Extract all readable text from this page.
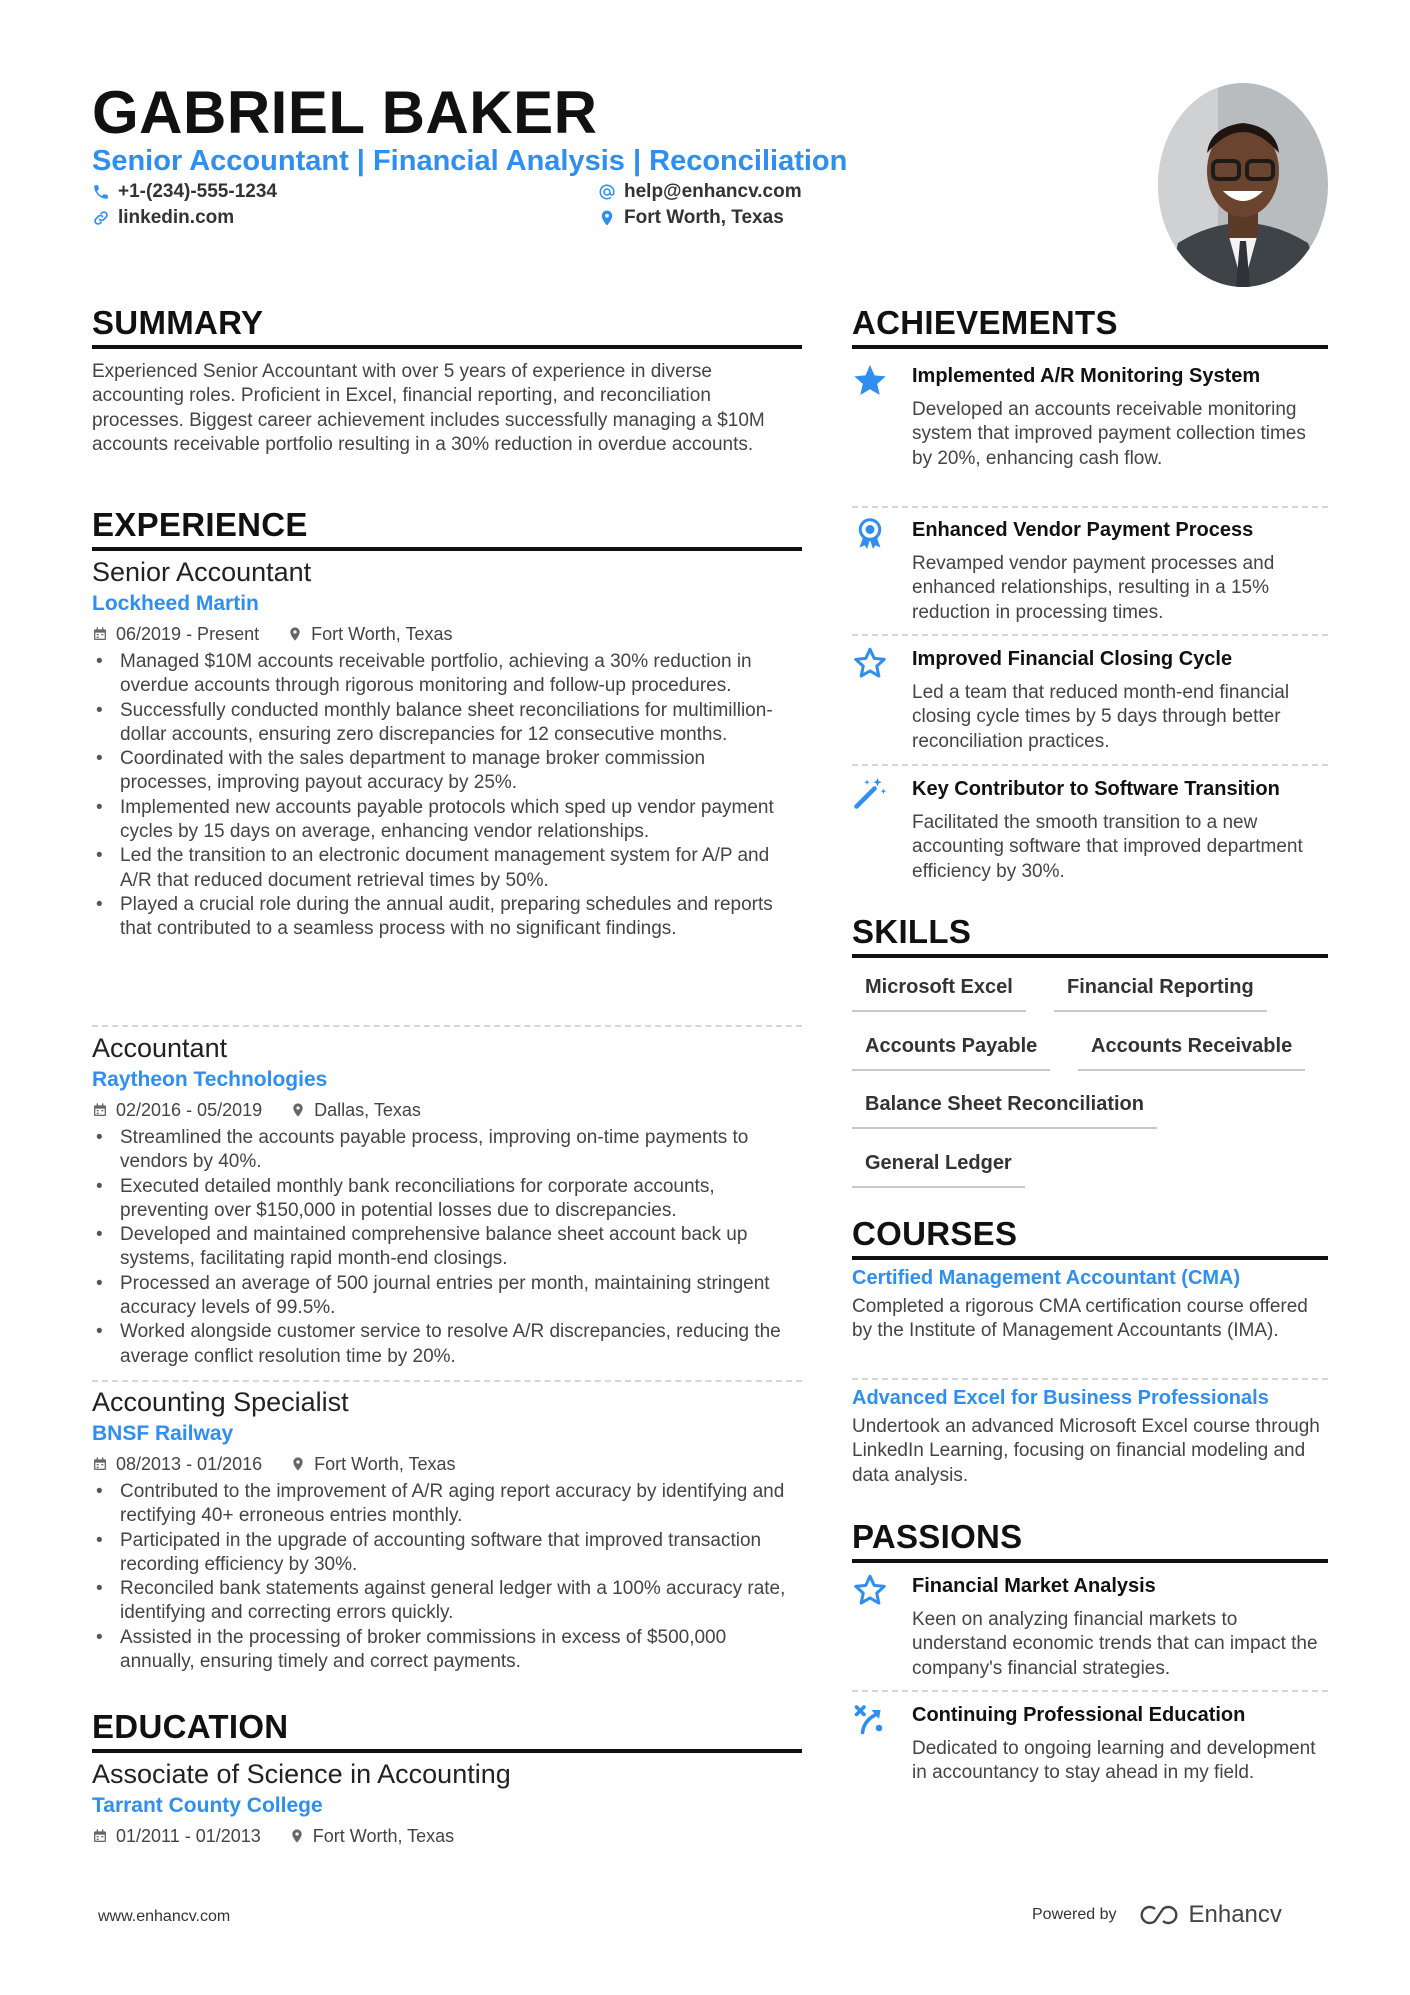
GABRIEL BAKER
Senior Accountant | Financial Analysis | Reconciliation
+1-(234)-555-1234	help@enhancv.com
linkedin.com	Fort Worth, Texas
SUMMARY
Experienced Senior Accountant with over 5 years of experience in diverse accounting roles. Proficient in Excel, financial reporting, and reconciliation processes. Biggest career achievement includes successfully managing a $10M accounts receivable portfolio resulting in a 30% reduction in overdue accounts.
EXPERIENCE
Senior Accountant
Lockheed Martin
06/2019 - Present	Fort Worth, Texas
• Managed $10M accounts receivable portfolio, achieving a 30% reduction in overdue accounts through rigorous monitoring and follow-up procedures.
• Successfully conducted monthly balance sheet reconciliations for multimillion-dollar accounts, ensuring zero discrepancies for 12 consecutive months.
• Coordinated with the sales department to manage broker commission processes, improving payout accuracy by 25%.
• Implemented new accounts payable protocols which sped up vendor payment cycles by 15 days on average, enhancing vendor relationships.
• Led the transition to an electronic document management system for A/P and A/R that reduced document retrieval times by 50%.
• Played a crucial role during the annual audit, preparing schedules and reports that contributed to a seamless process with no significant findings.
Accountant
Raytheon Technologies
02/2016 - 05/2019	Dallas, Texas
• Streamlined the accounts payable process, improving on-time payments to vendors by 40%.
• Executed detailed monthly bank reconciliations for corporate accounts, preventing over $150,000 in potential losses due to discrepancies.
• Developed and maintained comprehensive balance sheet account back up systems, facilitating rapid month-end closings.
• Processed an average of 500 journal entries per month, maintaining stringent accuracy levels of 99.5%.
• Worked alongside customer service to resolve A/R discrepancies, reducing the average conflict resolution time by 20%.
Accounting Specialist
BNSF Railway
08/2013 - 01/2016	Fort Worth, Texas
• Contributed to the improvement of A/R aging report accuracy by identifying and rectifying 40+ erroneous entries monthly.
• Participated in the upgrade of accounting software that improved transaction recording efficiency by 30%.
• Reconciled bank statements against general ledger with a 100% accuracy rate, identifying and correcting errors quickly.
• Assisted in the processing of broker commissions in excess of $500,000 annually, ensuring timely and correct payments.
EDUCATION
Associate of Science in Accounting
Tarrant County College
01/2011 - 01/2013	Fort Worth, Texas
ACHIEVEMENTS
Implemented A/R Monitoring System
Developed an accounts receivable monitoring system that improved payment collection times by 20%, enhancing cash flow.
Enhanced Vendor Payment Process
Revamped vendor payment processes and enhanced relationships, resulting in a 15% reduction in processing times.
Improved Financial Closing Cycle
Led a team that reduced month-end financial closing cycle times by 5 days through better reconciliation practices.
Key Contributor to Software Transition
Facilitated the smooth transition to a new accounting software that improved department efficiency by 30%.
SKILLS
Microsoft Excel	Financial Reporting
Accounts Payable	Accounts Receivable
Balance Sheet Reconciliation
General Ledger
COURSES
Certified Management Accountant (CMA)
Completed a rigorous CMA certification course offered by the Institute of Management Accountants (IMA).
Advanced Excel for Business Professionals
Undertook an advanced Microsoft Excel course through LinkedIn Learning, focusing on financial modeling and data analysis.
PASSIONS
Financial Market Analysis
Keen on analyzing financial markets to understand economic trends that can impact the company's financial strategies.
Continuing Professional Education
Dedicated to ongoing learning and development in accountancy to stay ahead in my field.
www.enhancv.com	Powered by	Enhancv
